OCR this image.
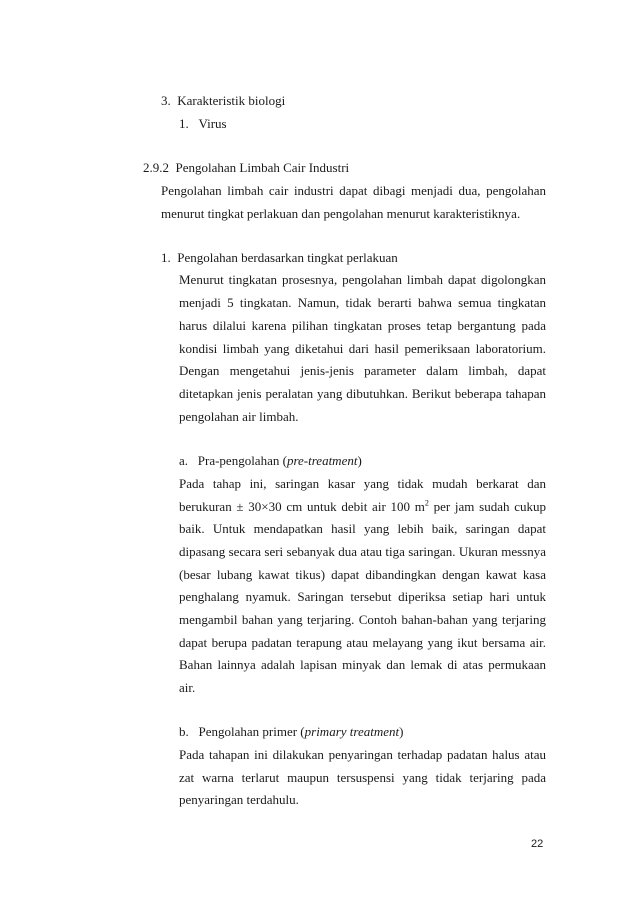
3.  Karakteristik biologi
1.   Virus
2.9.2  Pengolahan Limbah Cair Industri
Pengolahan limbah cair industri dapat dibagi menjadi dua, pengolahan
menurut tingkat perlakuan dan pengolahan menurut karakteristiknya.
1.  Pengolahan berdasarkan tingkat perlakuan
Menurut tingkatan prosesnya, pengolahan limbah dapat digolongkan
menjadi 5 tingkatan. Namun, tidak berarti bahwa semua tingkatan
harus dilalui karena pilihan tingkatan proses tetap bergantung pada
kondisi limbah yang diketahui dari hasil pemeriksaan laboratorium.
Dengan mengetahui jenis-jenis parameter dalam limbah, dapat
ditetapkan jenis peralatan yang dibutuhkan. Berikut beberapa tahapan
pengolahan air limbah.
a.   Pra-pengolahan (pre-treatment)
Pada tahap ini, saringan kasar yang tidak mudah berkarat dan
berukuran ± 30×30 cm untuk debit air 100 $m^2$ per jam sudah cukup
baik. Untuk mendapatkan hasil yang lebih baik, saringan dapat
dipasang secara seri sebanyak dua atau tiga saringan. Ukuran messnya
(besar lubang kawat tikus) dapat dibandingkan dengan kawat kasa
penghalang nyamuk. Saringan tersebut diperiksa setiap hari untuk
mengambil bahan yang terjaring. Contoh bahan-bahan yang terjaring
dapat berupa padatan terapung atau melayang yang ikut bersama air.
Bahan lainnya adalah lapisan minyak dan lemak di atas permukaan
air.
b.   Pengolahan primer (primary treatment)
Pada tahapan ini dilakukan penyaringan terhadap padatan halus atau
zat warna terlarut maupun tersuspensi yang tidak terjaring pada
penyaringan terdahulu.
22
